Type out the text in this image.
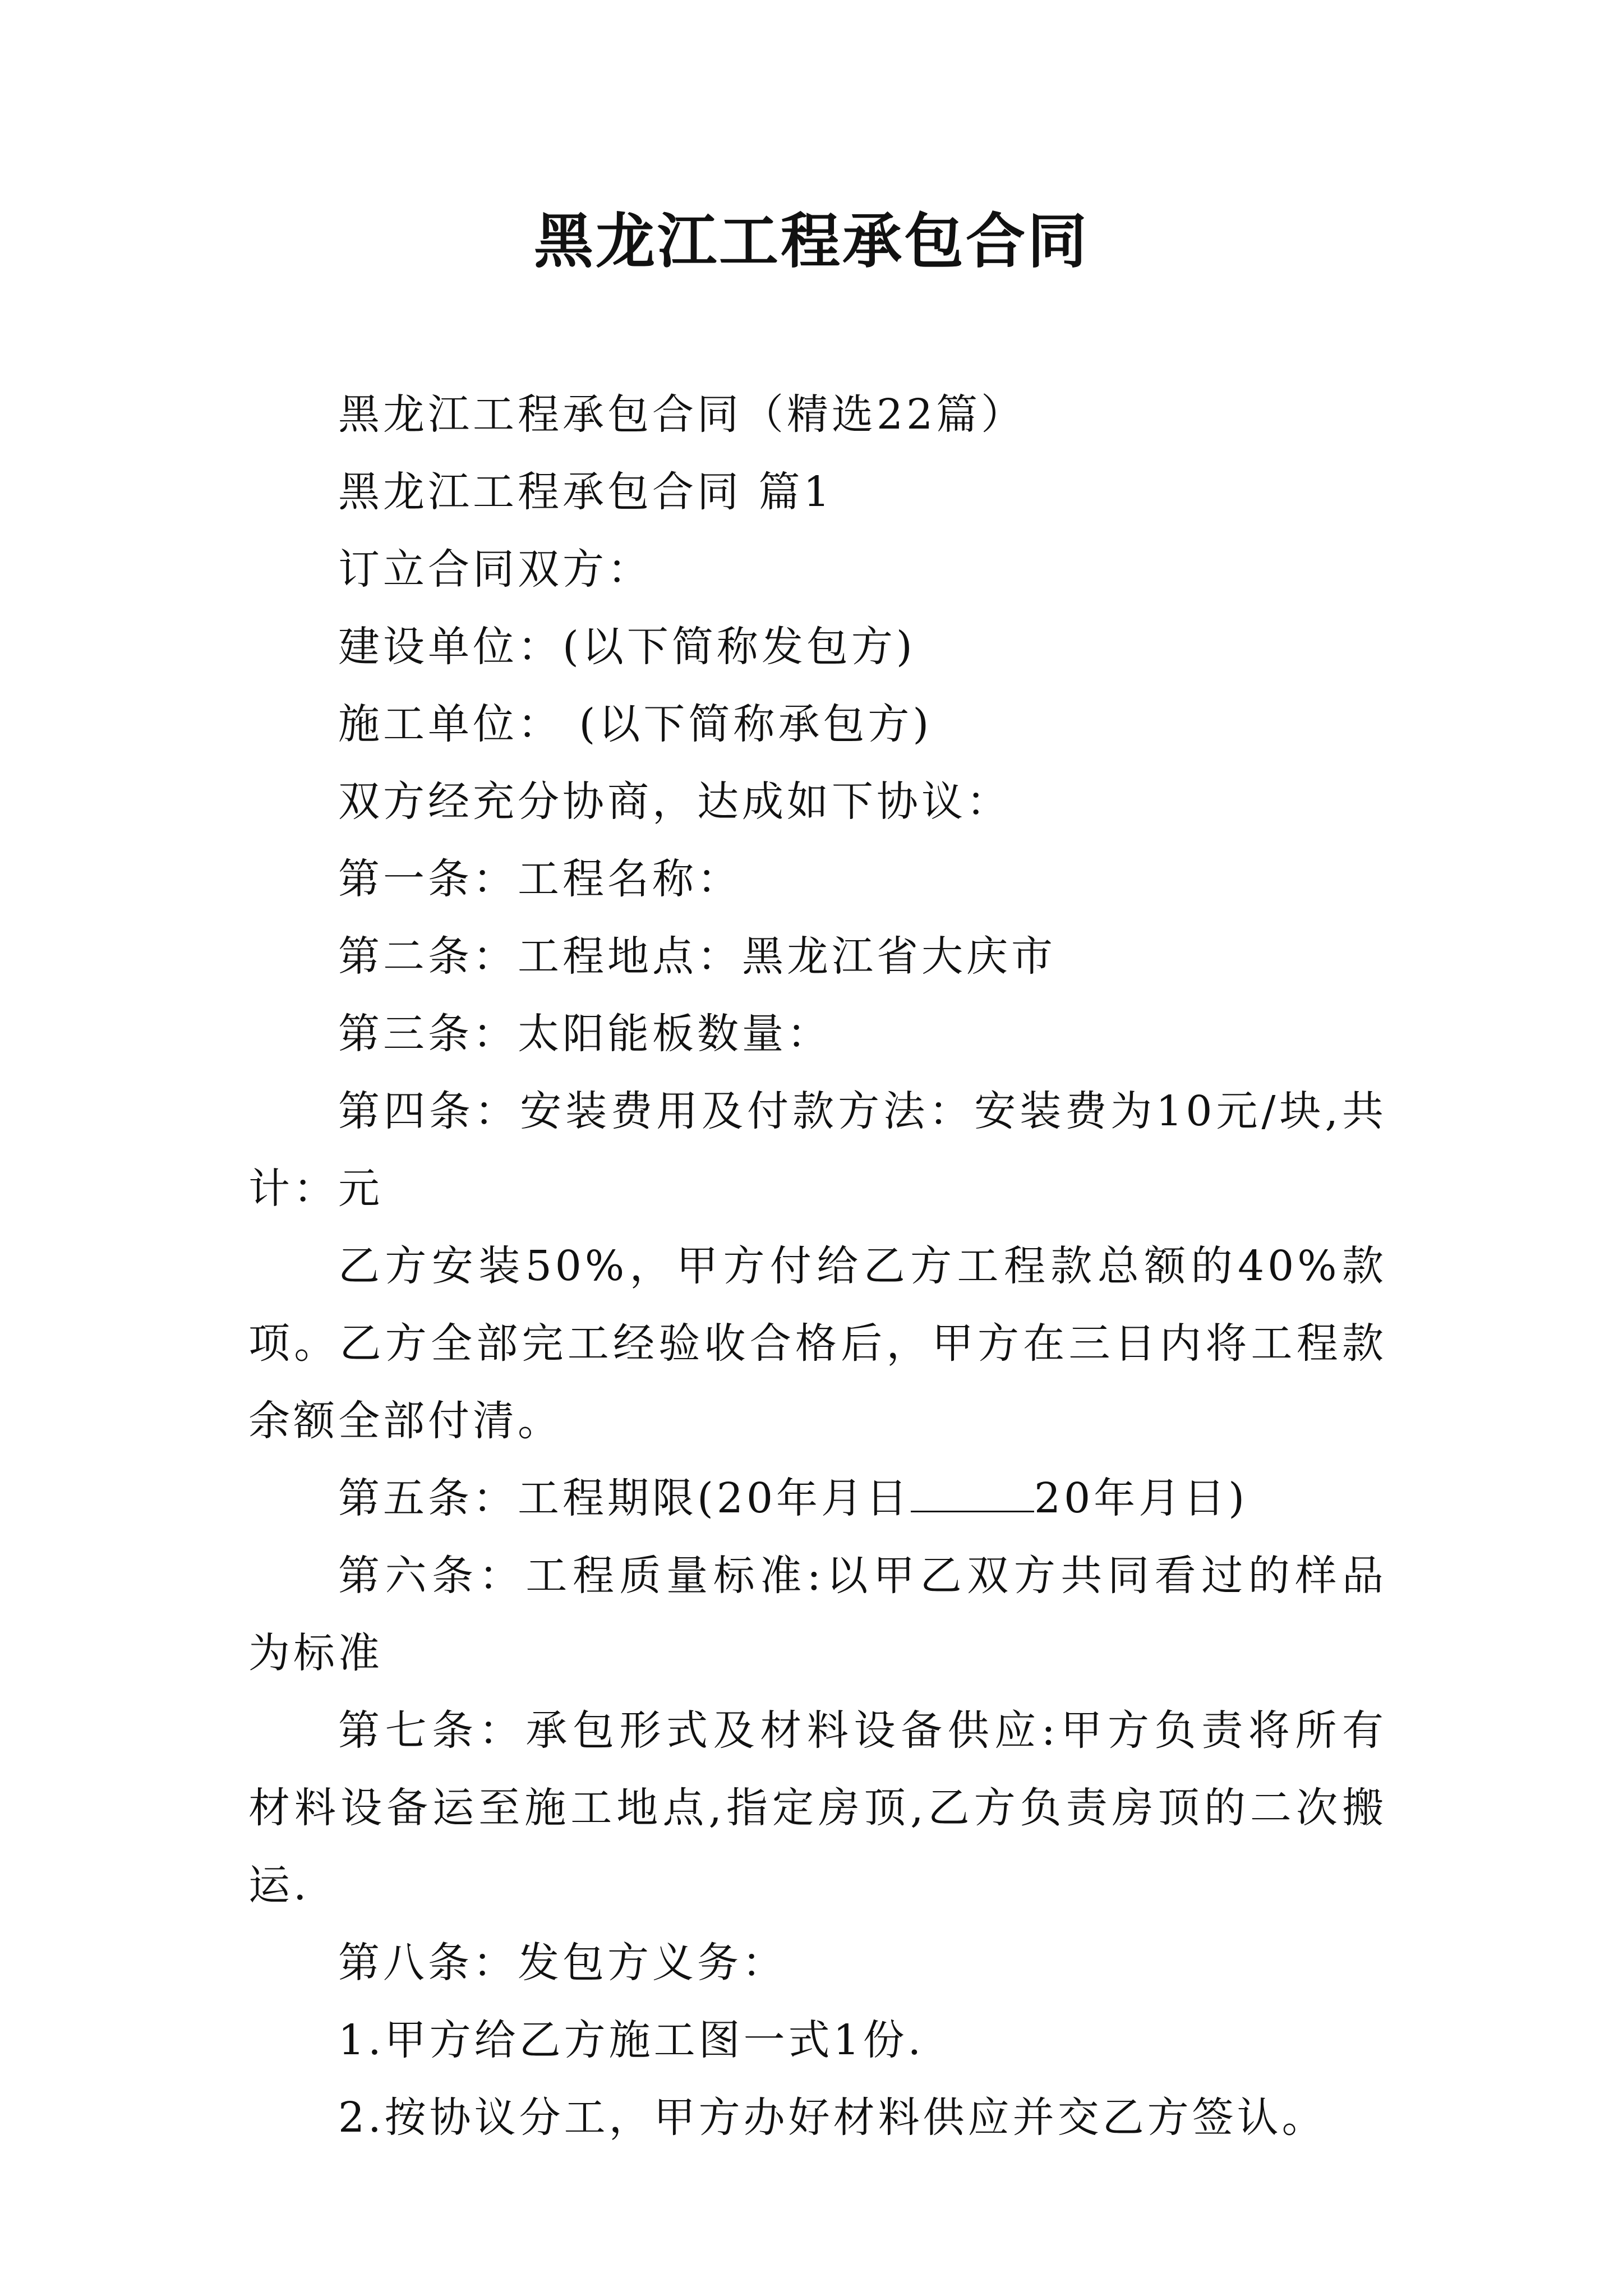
黑龙江工程承包合同

黑龙江工程承包合同（精选22篇）

黑龙江工程承包合同 篇1

订立合同双方：

建设单位：(以下简称发包方)

施工单位： (以下简称承包方)

双方经充分协商，达成如下协议：

第一条：工程名称：

第二条：工程地点：黑龙江省大庆市

第三条：太阳能板数量：

第四条：安装费用及付款方法：安装费为10元/块,共计：元

乙方安装50%，甲方付给乙方工程款总额的40%款项。乙方全部完工经验收合格后，甲方在三日内将工程款余额全部付清。

第五条：工程期限(20年月日	20年月日)

第六条：工程质量标准:以甲乙双方共同看过的样品为标准

第七条：承包形式及材料设备供应:甲方负责将所有材料设备运至施工地点,指定房顶,乙方负责房顶的二次搬运.

第八条：发包方义务：

1.甲方给乙方施工图一式1份.

2.按协议分工，甲方办好材料供应并交乙方签认。
